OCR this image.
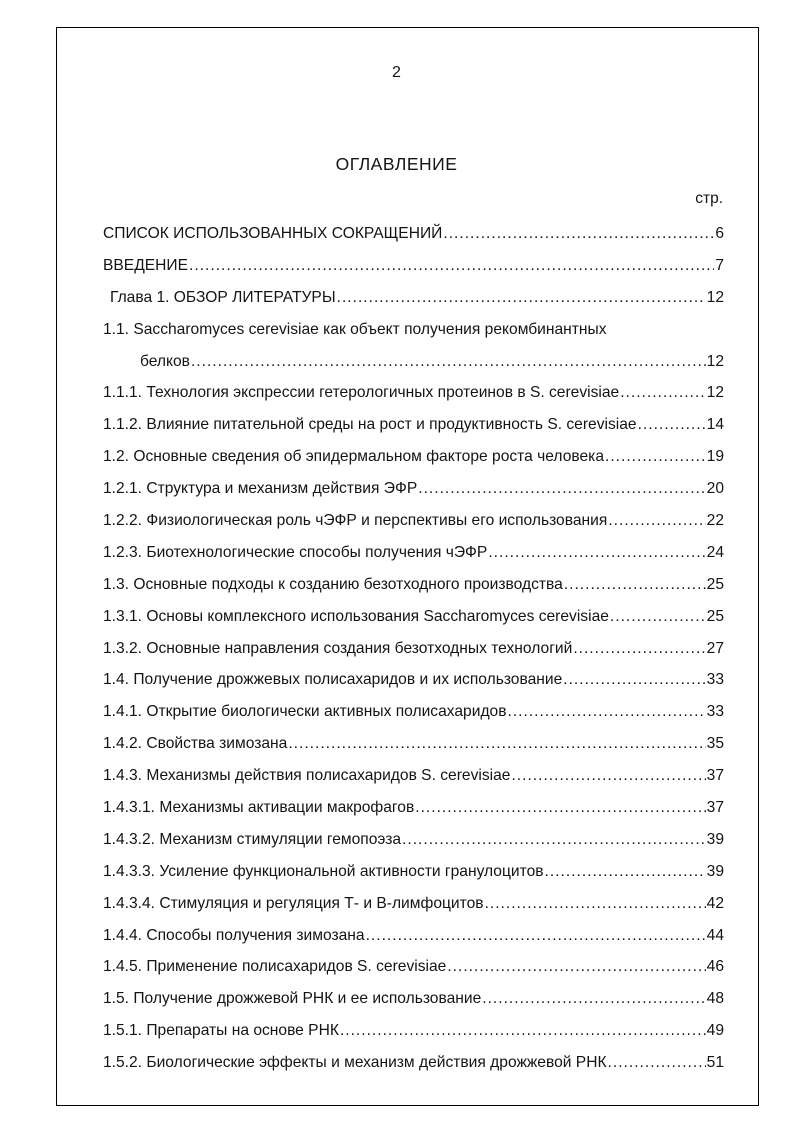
2
ОГЛАВЛЕНИЕ
стр.
СПИСОК ИСПОЛЬЗОВАННЫХ СОКРАЩЕНИЙ .....	6
ВВЕДЕНИЕ .....	7
Глава 1. ОБЗОР ЛИТЕРАТУРЫ .....	12
1.1. Saccharomyces cerevisiae как объект получения рекомбинантных
белков .....	12
1.1.1. Технология экспрессии гетерологичных протеинов в S. cerevisiae .....	12
1.1.2. Влияние питательной среды на рост и продуктивность S. cerevisiae .....	14
1.2. Основные сведения об эпидермальном факторе роста человека .....	19
1.2.1. Структура и механизм действия ЭФР .....	20
1.2.2. Физиологическая роль чЭФР и перспективы его использования .....	22
1.2.3. Биотехнологические способы получения чЭФР .....	24
1.3. Основные подходы к созданию безотходного производства .....	25
1.3.1. Основы комплексного использования Saccharomyces cerevisiae .....	25
1.3.2. Основные направления создания безотходных технологий .....	27
1.4. Получение дрожжевых полисахаридов и их использование .....	33
1.4.1. Открытие биологически активных полисахаридов .....	33
1.4.2. Свойства зимозана .....	35
1.4.3. Механизмы действия полисахаридов S. cerevisiae .....	37
1.4.3.1. Механизмы активации макрофагов .....	37
1.4.3.2. Механизм стимуляции гемопоэза .....	39
1.4.3.3. Усиление функциональной активности гранулоцитов .....	39
1.4.3.4. Стимуляция и регуляция Т- и В-лимфоцитов .....	42
1.4.4. Способы получения зимозана .....	44
1.4.5. Применение полисахаридов S. cerevisiae .....	46
1.5. Получение дрожжевой РНК и ее использование .....	48
1.5.1. Препараты на основе РНК .....	49
1.5.2. Биологические эффекты и механизм действия дрожжевой РНК .....	51
